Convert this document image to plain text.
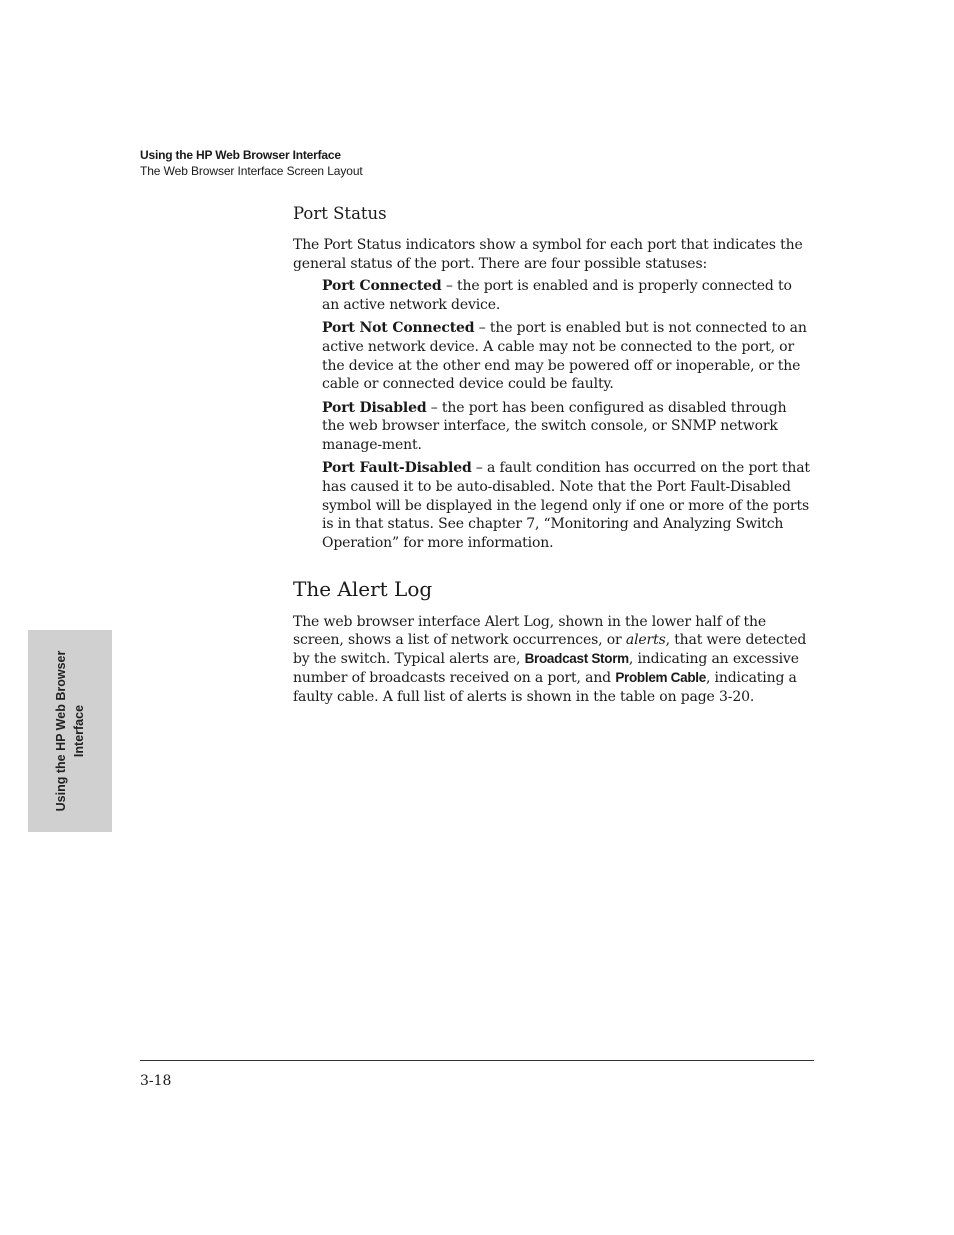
Using the HP Web Browser Interface
The Web Browser Interface Screen Layout
Port Status

The Port Status indicators show a symbol for each port that indicates the general status of the port. There are four possible statuses:

Port Connected – the port is enabled and is properly connected to an active network device.

Port Not Connected – the port is enabled but is not connected to an active network device. A cable may not be connected to the port, or the device at the other end may be powered off or inoperable, or the cable or connected device could be faulty.

Port Disabled – the port has been configured as disabled through the web browser interface, the switch console, or SNMP network manage-ment.

Port Fault-Disabled – a fault condition has occurred on the port that has caused it to be auto-disabled. Note that the Port Fault-Disabled symbol will be displayed in the legend only if one or more of the ports is in that status. See chapter 7, “Monitoring and Analyzing Switch Operation” for more information.

The Alert Log

The web browser interface Alert Log, shown in the lower half of the screen, shows a list of network occurrences, or alerts, that were detected by the switch. Typical alerts are, Broadcast Storm, indicating an excessive number of broadcasts received on a port, and Problem Cable, indicating a faulty cable. A full list of alerts is shown in the table on page 3-20.

Using the HP Web Browser Interface
3-18
